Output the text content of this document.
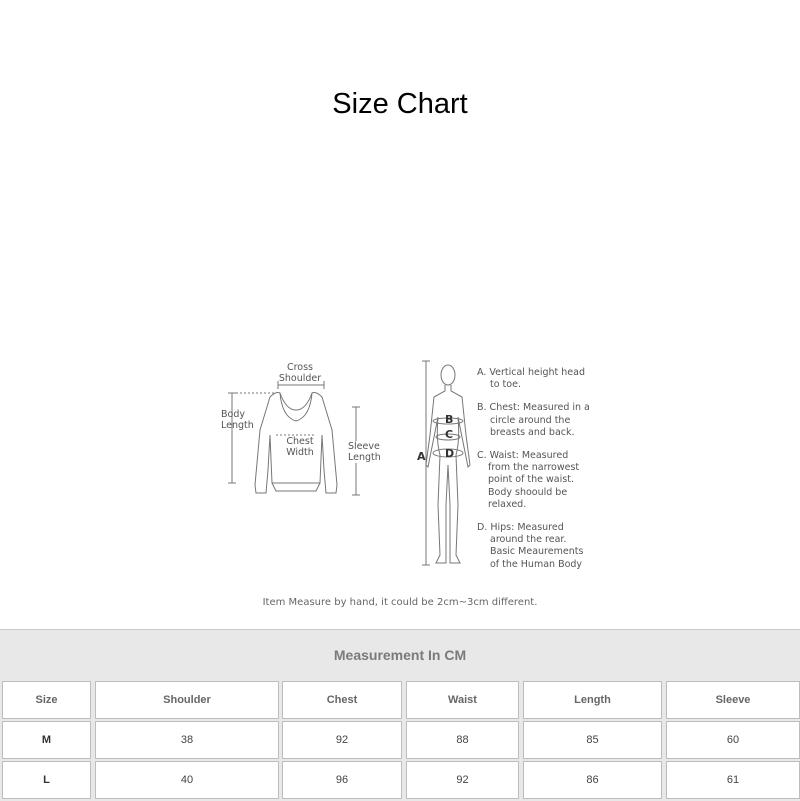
Size Chart
Cross
Shoulder
Body
Length
Chest
Width
Sleeve
Length	A
B
C
D
A. Vertical height head
to toe.
B. Chest: Measured in a
circle around the
breasts and back.
C. Waist: Measured
from the narrowest
point of the waist.
Body shoould be
relaxed.
D. Hips: Measured
around the rear.
Basic Meaurements
of the Human Body
Item Measure by hand, it could be 2cm~3cm different.
Measurement In CM
Size	Shoulder	Chest	Waist	Length	Sleeve
M	38	92	88	85	60
L	40	96	92	86	61
